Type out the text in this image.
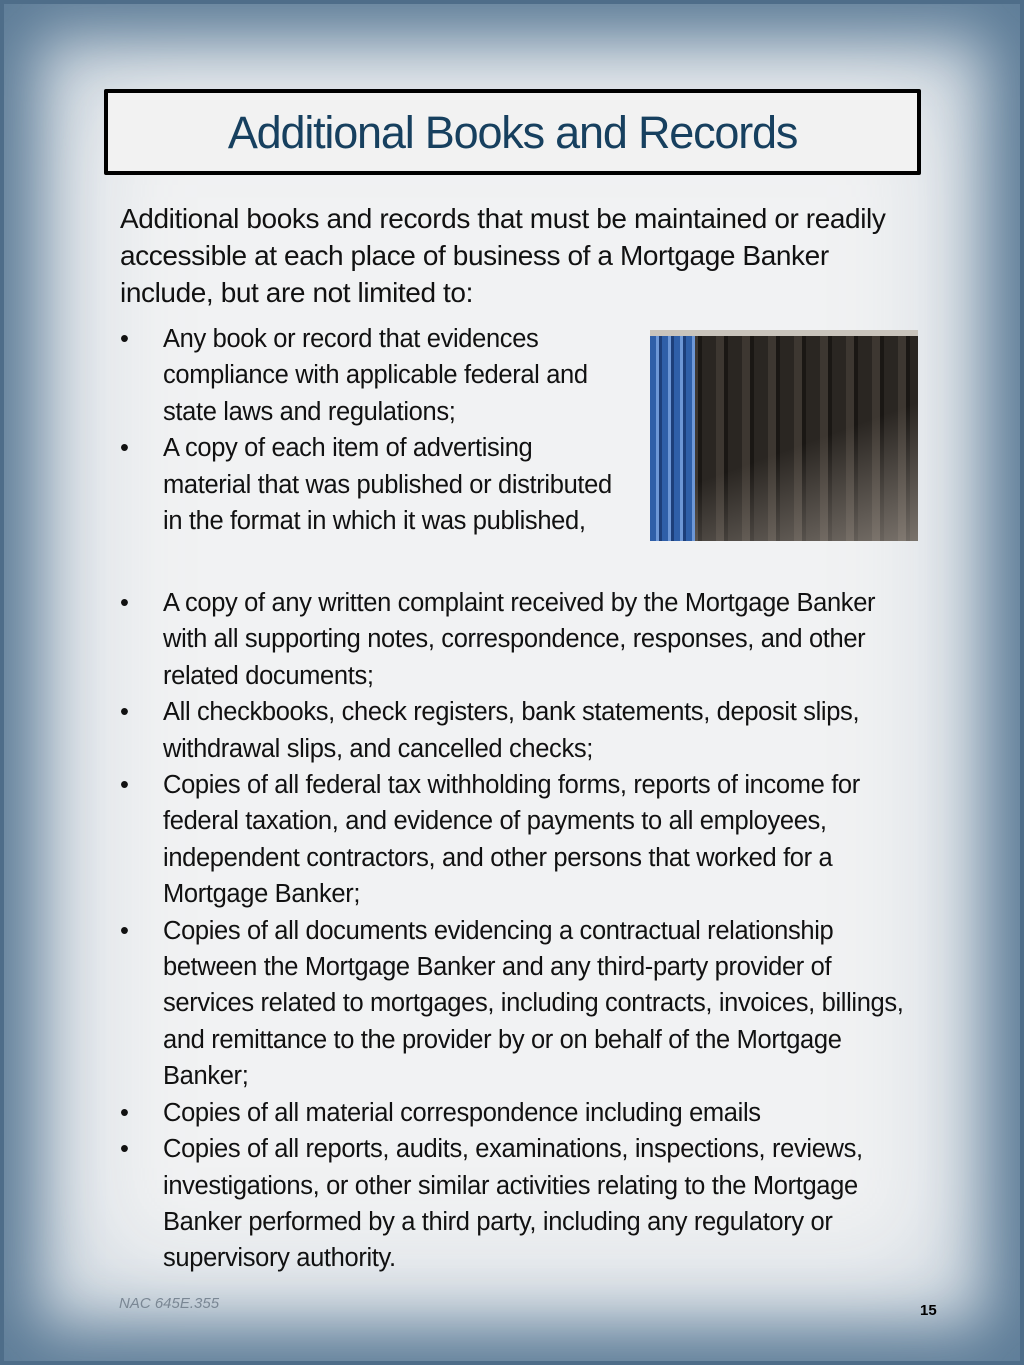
Additional Books and Records
Additional books and records that must be maintained or readily accessible at each place of business of a Mortgage Banker include, but are not limited to:
• Any book or record that evidences compliance with applicable federal and state laws and regulations;
• A copy of each item of advertising material that was published or distributed in the format in which it was published,
• A copy of any written complaint received by the Mortgage Banker with all supporting notes, correspondence, responses, and other related documents;
• All checkbooks, check registers, bank statements, deposit slips, withdrawal slips, and cancelled checks;
• Copies of all federal tax withholding forms, reports of income for federal taxation, and evidence of payments to all employees, independent contractors, and other persons that worked for a Mortgage Banker;
• Copies of all documents evidencing a contractual relationship between the Mortgage Banker and any third-party provider of services related to mortgages, including contracts, invoices, billings, and remittance to the provider by or on behalf of the Mortgage Banker;
• Copies of all material correspondence including emails
• Copies of all reports, audits, examinations, inspections, reviews, investigations, or other similar activities relating to the Mortgage Banker performed by a third party, including any regulatory or supervisory authority.
NAC 645E.355	15
